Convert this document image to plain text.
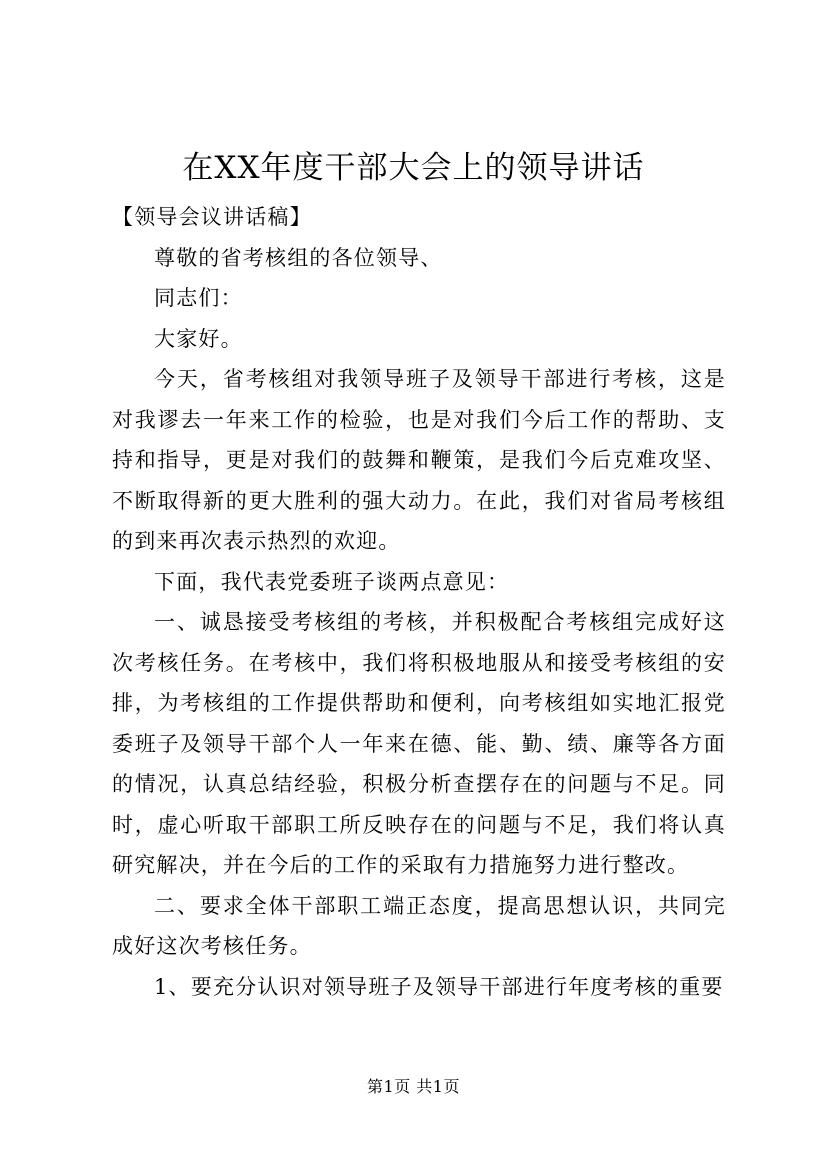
在XX年度干部大会上的领导讲话

【领导会议讲话稿】

尊敬的省考核组的各位领导、

同志们：

大家好。

今天，省考核组对我领导班子及领导干部进行考核，这是对我谬去一年来工作的检验，也是对我们今后工作的帮助、支持和指导，更是对我们的鼓舞和鞭策，是我们今后克难攻坚、不断取得新的更大胜利的强大动力。在此，我们对省局考核组的到来再次表示热烈的欢迎。

下面，我代表党委班子谈两点意见：

一、诚恳接受考核组的考核，并积极配合考核组完成好这次考核任务。在考核中，我们将积极地服从和接受考核组的安排，为考核组的工作提供帮助和便利，向考核组如实地汇报党委班子及领导干部个人一年来在德、能、勤、绩、廉等各方面的情况，认真总结经验，积极分析查摆存在的问题与不足。同时，虚心听取干部职工所反映存在的问题与不足，我们将认真研究解决，并在今后的工作的采取有力措施努力进行整改。

二、要求全体干部职工端正态度，提高思想认识，共同完成好这次考核任务。

1、要充分认识对领导班子及领导干部进行年度考核的重要

第1页 共1页
